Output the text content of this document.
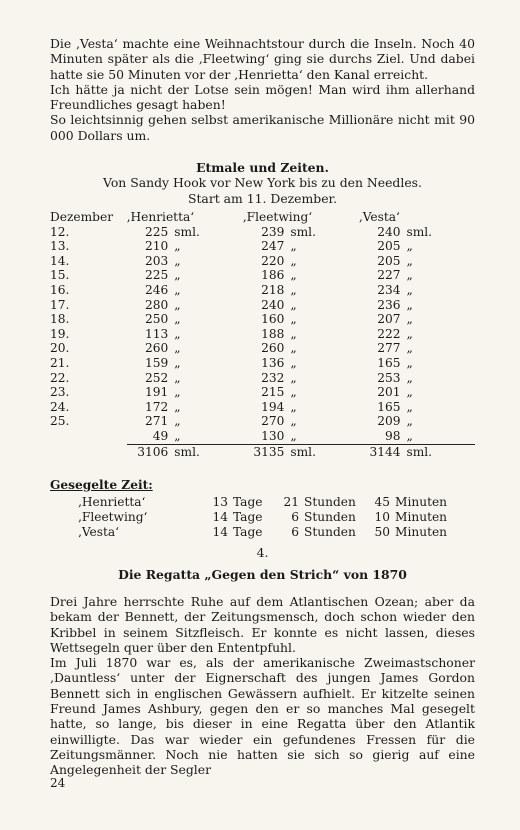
Die ‚Vesta‘ machte eine Weihnachtstour durch die Inseln. Noch 40 Minuten später als die ‚Fleetwing‘ ging sie durchs Ziel. Und dabei hatte sie 50 Minuten vor der ‚Henrietta‘ den Kanal erreicht.

Ich hätte ja nicht der Lotse sein mögen! Man wird ihm allerhand Freundliches gesagt haben!

So leichtsinnig gehen selbst amerikanische Millionäre nicht mit 90 000 Dollars um.

Etmale und Zeiten.
Von Sandy Hook vor New York bis zu den Needles.
Start am 11. Dezember.
Dezember	‚Henrietta‘		‚Fleetwing‘		‚Vesta‘	
12.	225	sml.	239	sml.	240	sml.
13.	210	„	247	„	205	„
14.	203	„	220	„	205	„
15.	225	„	186	„	227	„
16.	246	„	218	„	234	„
17.	280	„	240	„	236	„
18.	250	„	160	„	207	„
19.	113	„	188	„	222	„
20.	260	„	260	„	277	„
21.	159	„	136	„	165	„
22.	252	„	232	„	253	„
23.	191	„	215	„	201	„
24.	172	„	194	„	165	„
25.	271	„	270	„	209	„
	49	„	130	„	98	„
	3106	sml.	3135	sml.	3144	sml.
Gesegelte Zeit:
‚Henrietta‘	13	Tage	21	Stunden	45	Minuten
‚Fleetwing‘	14	Tage	6	Stunden	10	Minuten
‚Vesta‘	14	Tage	6	Stunden	50	Minuten
4.
Die Regatta „Gegen den Strich“ von 1870

Drei Jahre herrschte Ruhe auf dem Atlantischen Ozean; aber da bekam der Bennett, der Zeitungsmensch, doch schon wieder den Kribbel in seinem Sitzfleisch. Er konnte es nicht lassen, dieses Wettsegeln quer über den Ententpfuhl.

Im Juli 1870 war es, als der amerikanische Zweimastschoner ‚Dauntless‘ unter der Eignerschaft des jungen James Gordon Bennett sich in englischen Gewässern aufhielt. Er kitzelte seinen Freund James Ashbury, gegen den er so manches Mal gesegelt hatte, so lange, bis dieser in eine Regatta über den Atlantik einwilligte. Das war wieder ein gefundenes Fressen für die Zeitungsmänner. Noch nie hatten sie sich so gierig auf eine Angelegenheit der Segler

24
